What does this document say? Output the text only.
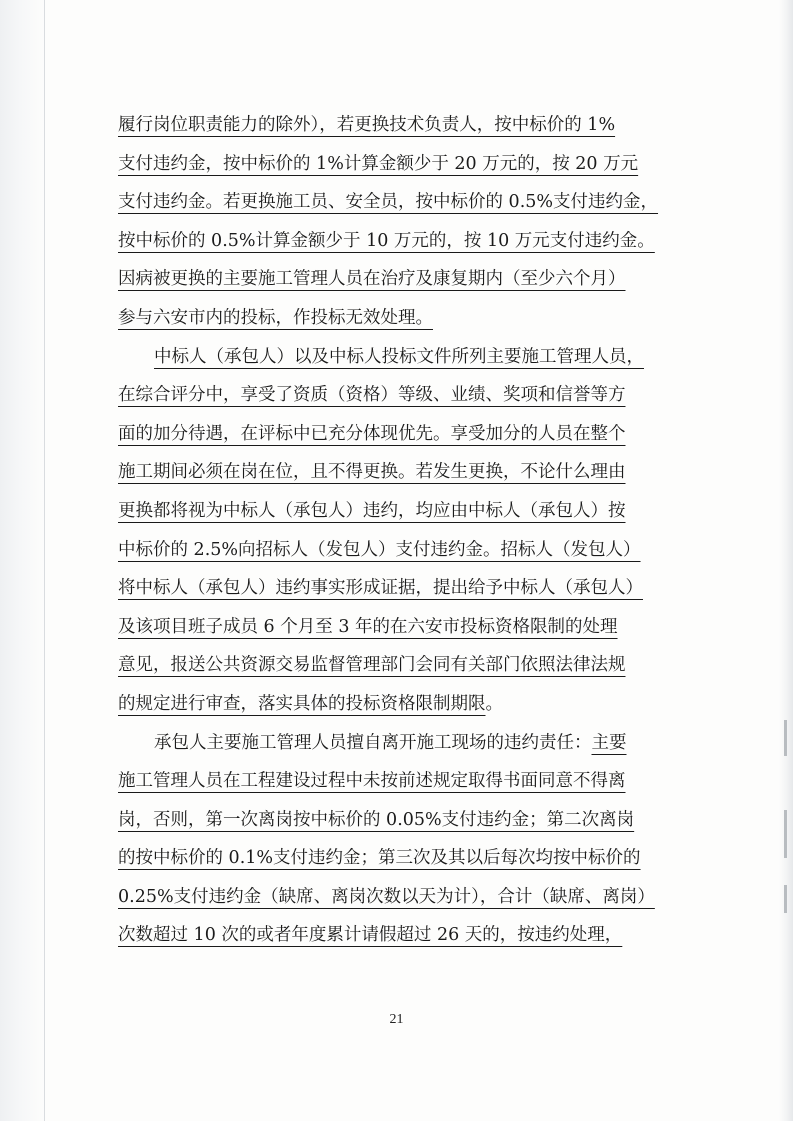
履行岗位职责能力的除外），若更换技术负责人，按中标价的 1%
支付违约金，按中标价的 1%计算金额少于 20 万元的，按 20 万元
支付违约金。若更换施工员、安全员，按中标价的 0.5%支付违约金，
按中标价的 0.5%计算金额少于 10 万元的，按 10 万元支付违约金。
因病被更换的主要施工管理人员在治疗及康复期内（至少六个月）
参与六安市内的投标，作投标无效处理。
中标人（承包人）以及中标人投标文件所列主要施工管理人员，
在综合评分中，享受了资质（资格）等级、业绩、奖项和信誉等方
面的加分待遇，在评标中已充分体现优先。享受加分的人员在整个
施工期间必须在岗在位，且不得更换。若发生更换，不论什么理由
更换都将视为中标人（承包人）违约，均应由中标人（承包人）按
中标价的 2.5%向招标人（发包人）支付违约金。招标人（发包人）
将中标人（承包人）违约事实形成证据，提出给予中标人（承包人）
及该项目班子成员 6 个月至 3 年的在六安市投标资格限制的处理
意见，报送公共资源交易监督管理部门会同有关部门依照法律法规
的规定进行审查，落实具体的投标资格限制期限。
承包人主要施工管理人员擅自离开施工现场的违约责任：主要
施工管理人员在工程建设过程中未按前述规定取得书面同意不得离
岗，否则，第一次离岗按中标价的 0.05%支付违约金；第二次离岗
的按中标价的 0.1%支付违约金；第三次及其以后每次均按中标价的
0.25%支付违约金（缺席、离岗次数以天为计），合计（缺席、离岗）
次数超过 10 次的或者年度累计请假超过 26 天的，按违约处理，
21
